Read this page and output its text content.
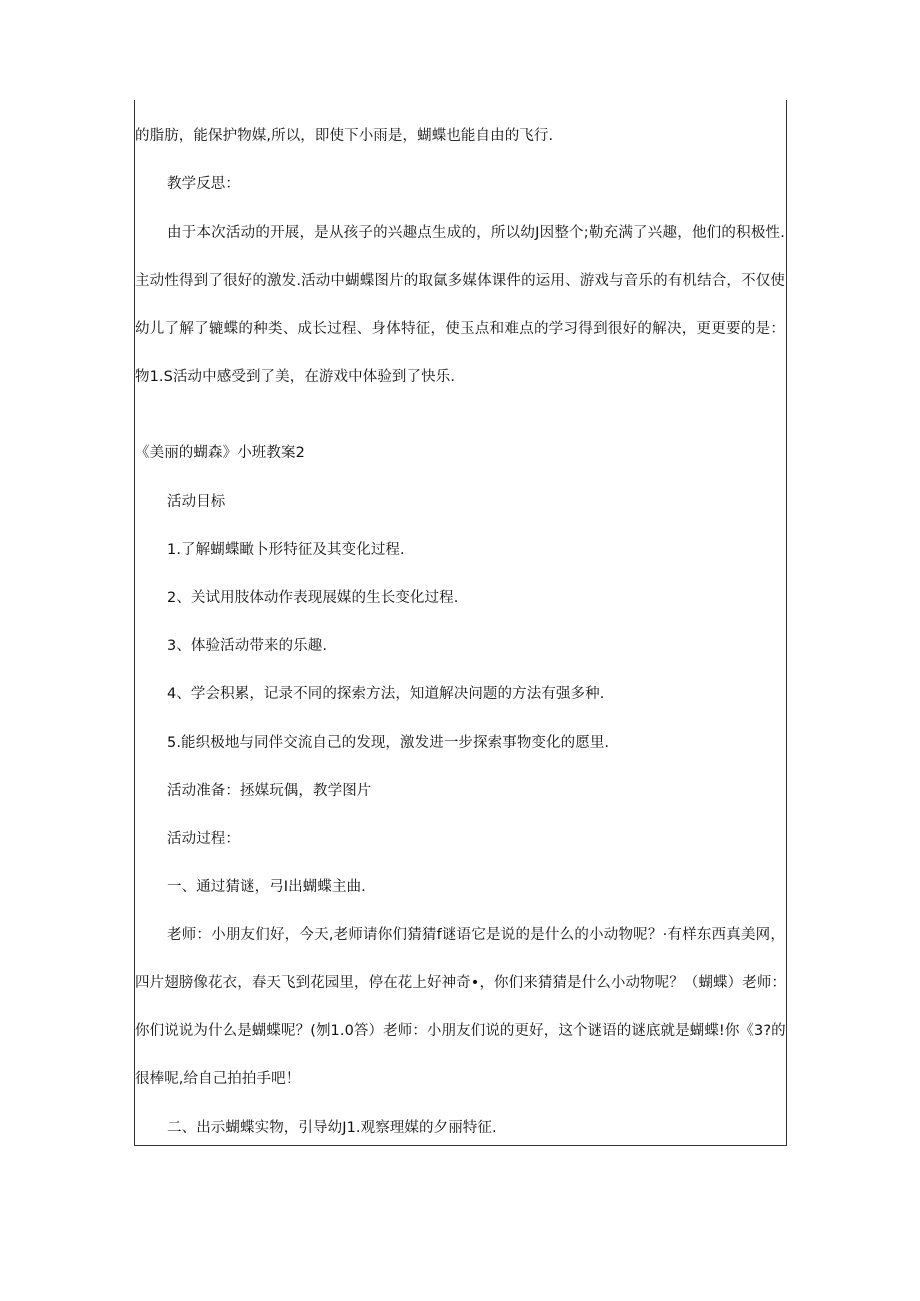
的脂肪，能保护物媒,所以，即使下小雨是，蝴蝶也能自由的飞行.

教学反思：

由于本次活动的开展，是从孩子的兴趣点生成的，所以幼J因整个;勒充满了兴趣，他们的积极性.
主动性得到了很好的激发.活动中蝴蝶图片的取氤多媒体课件的运用、游戏与音乐的有机结合，不仅使
幼儿了解了辘蝶的种类、成长过程、身体特征，使玉点和难点的学习得到很好的解决，更更要的是：
物1.S活动中感受到了美，在游戏中体验到了快乐.

《美丽的蝴森》小班教案2

活动目标

1.了解蝴蝶瞰卜形特征及其变化过程.

2、关试用肢体动作表现展媒的生长变化过程.

3、体验活动带来的乐趣.

4、学会积累，记录不同的探索方法，知道解决问题的方法有强多种.

5.能织极地与同伴交流自己的发现，激发进一步探索事物变化的愿里.

活动准备：拯媒玩偶，教学图片

活动过程：

一、通过猜谜，弓I出蝴蝶主曲.

老师：小朋友们好，今天,老师请你们猜猜f谜语它是说的是什么的小动物呢？·有样东西真美网，
四片翅膀像花衣，春天飞到花园里，停在花上好神奇•，你们来猜猜是什么小动物呢？（蝴蝶）老师：
你们说说为什么是蝴蝶呢？(刎1.0答）老师：小朋友们说的更好，这个谜语的谜底就是蝴蝶!你《3?的
很棒呢,给自己拍拍手吧！

二、出示蝴蝶实物，引导幼J1.观察理媒的夕丽特征.
